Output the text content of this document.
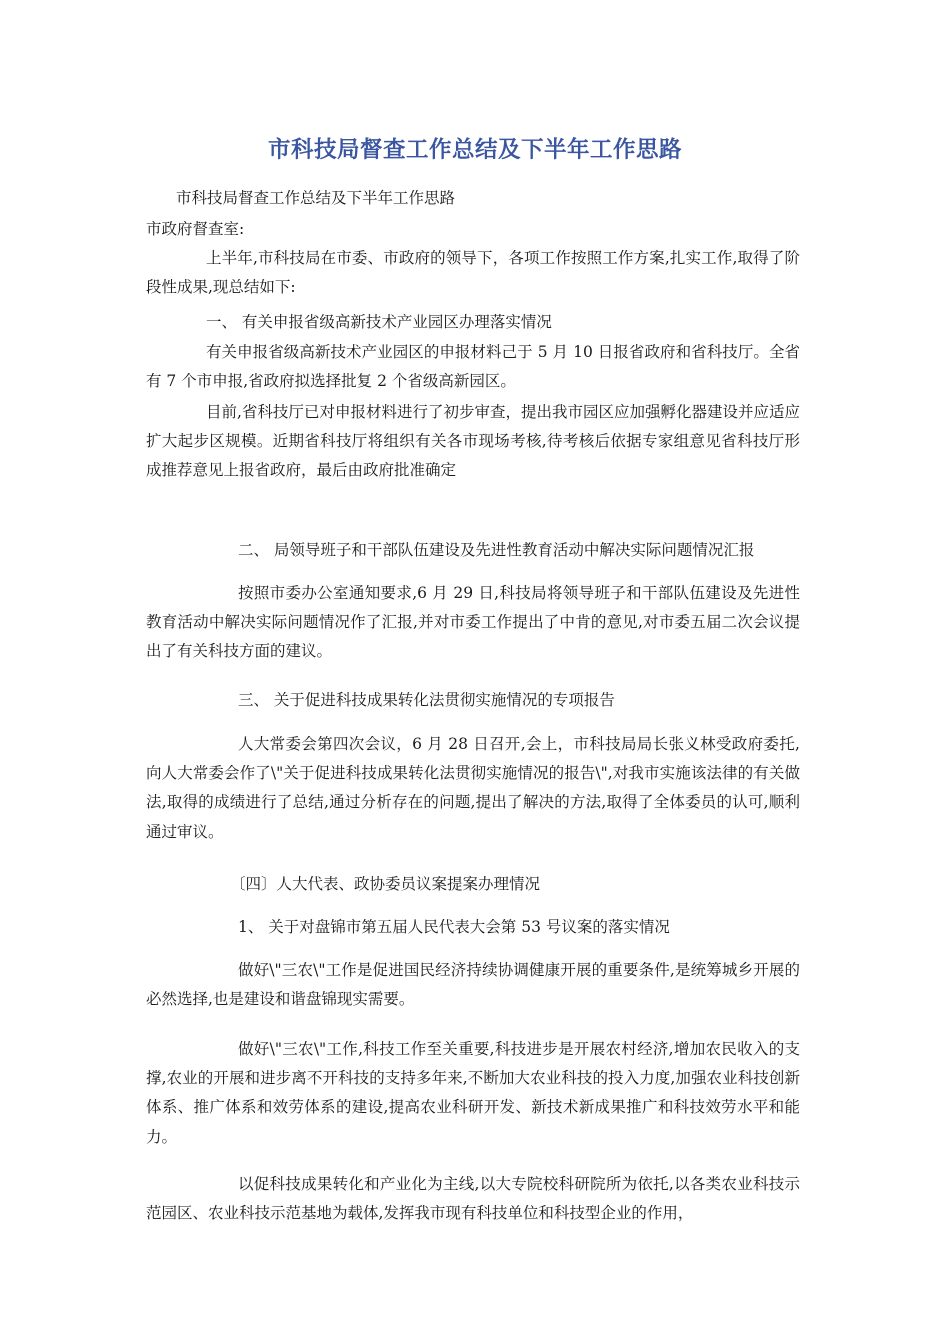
市科技局督查工作总结及下半年工作思路

市科技局督查工作总结及下半年工作思路

市政府督查室:

上半年,市科技局在市委、市政府的领导下，各项工作按照工作方案,扎实工作,取得了阶段性成果,现总结如下:

一、 有关申报省级高新技术产业园区办理落实情况

有关申报省级高新技术产业园区的申报材料己于 5 月 10 日报省政府和省科技厅。全省有 7 个市申报,省政府拟选择批复 2 个省级高新园区。

目前,省科技厅已对申报材料进行了初步审查，提出我市园区应加强孵化器建设并应适应扩大起步区规模。近期省科技厅将组织有关各市现场考核,待考核后依据专家组意见省科技厅形成推荐意见上报省政府，最后由政府批准确定

二、 局领导班子和干部队伍建设及先进性教育活动中解决实际问题情况汇报

按照市委办公室通知要求,6 月 29 日,科技局将领导班子和干部队伍建设及先进性教育活动中解决实际问题情况作了汇报,并对市委工作提出了中肯的意见,对市委五届二次会议提出了有关科技方面的建议。

三、 关于促进科技成果转化法贯彻实施情况的专项报告

人大常委会第四次会议，6 月 28 日召开,会上，市科技局局长张义林受政府委托,向人大常委会作了\"关于促进科技成果转化法贯彻实施情况的报告\",对我市实施该法律的有关做法,取得的成绩进行了总结,通过分析存在的问题,提出了解决的方法,取得了全体委员的认可,顺利通过审议。

〔四〕人大代表、政协委员议案提案办理情况

1、 关于对盘锦市第五届人民代表大会第 53 号议案的落实情况

做好\"三农\"工作是促进国民经济持续协调健康开展的重要条件,是统筹城乡开展的必然选择,也是建设和谐盘锦现实需要。

做好\"三农\"工作,科技工作至关重要,科技进步是开展农村经济,增加农民收入的支撑,农业的开展和进步离不开科技的支持多年来,不断加大农业科技的投入力度,加强农业科技创新体系、推广体系和效劳体系的建设,提高农业科研开发、新技术新成果推广和科技效劳水平和能力。

以促科技成果转化和产业化为主线,以大专院校科研院所为依托,以各类农业科技示范园区、农业科技示范基地为载体,发挥我市现有科技单位和科技型企业的作用，
